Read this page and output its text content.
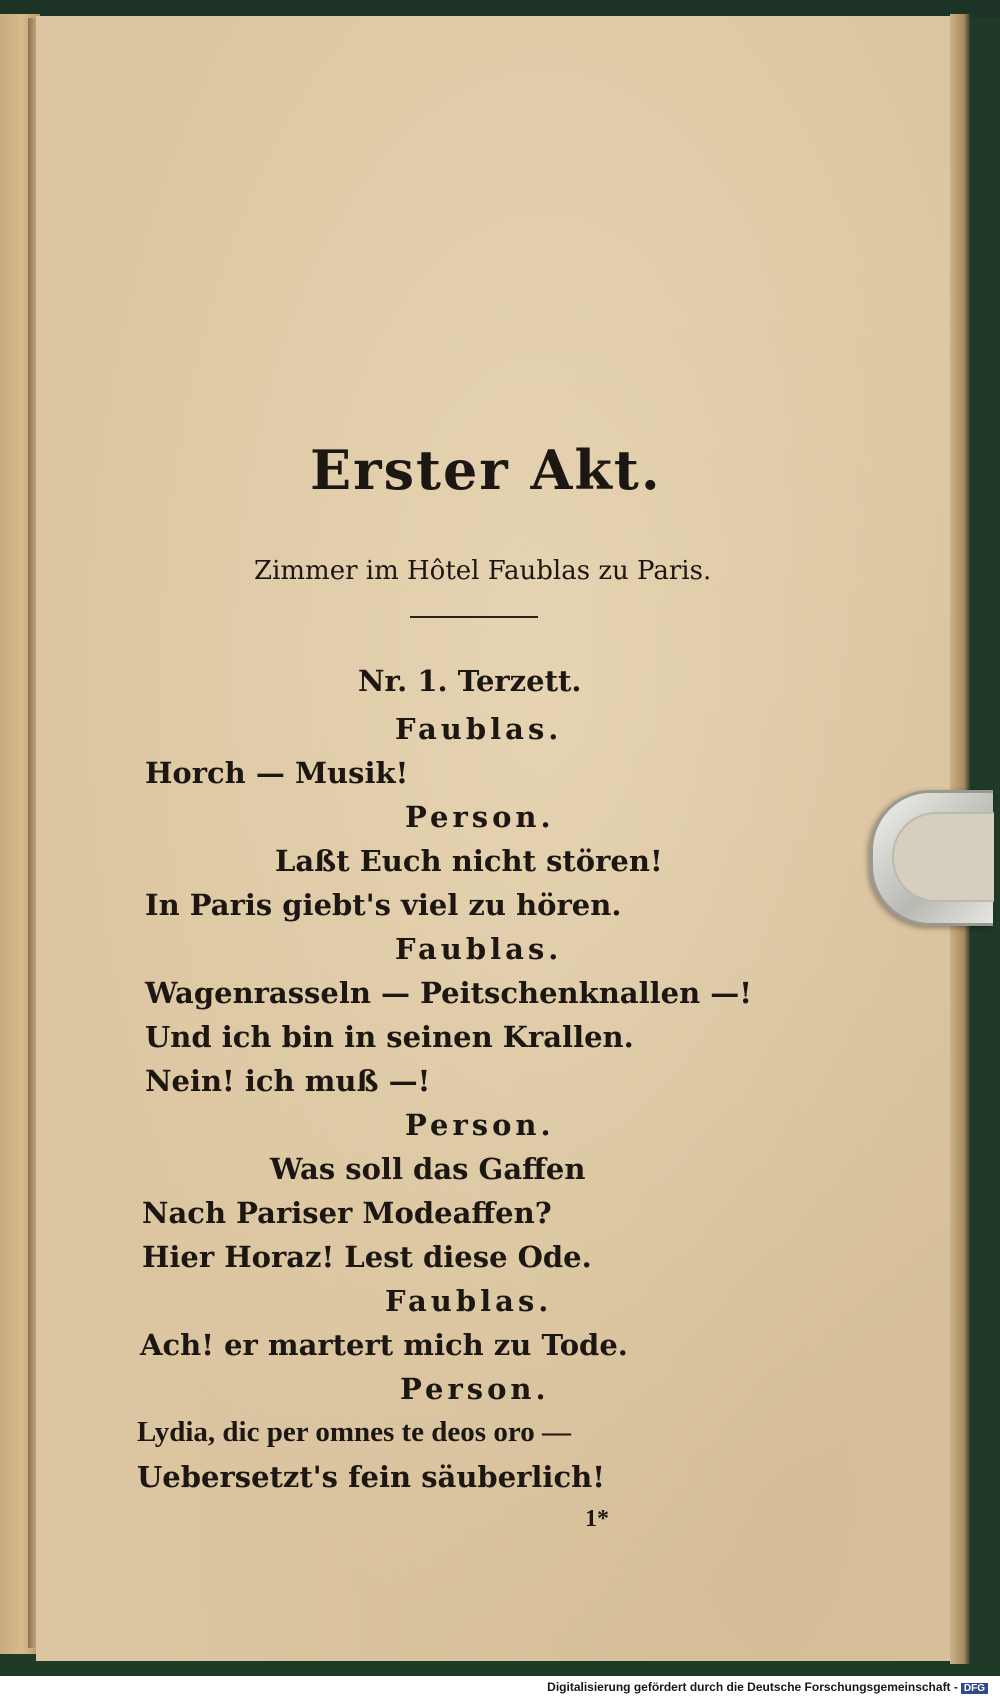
Erster Akt.
Zimmer im Hôtel Faublas zu Paris.
Nr. 1. Terzett.
Faublas.
Horch — Musik!
Person.
Laßt Euch nicht stören!
In Paris giebt's viel zu hören.
Faublas.
Wagenrasseln — Peitschenknallen —!
Und ich bin in seinen Krallen.
Nein! ich muß —!
Person.
Was soll das Gaffen
Nach Pariser Modeaffen?
Hier Horaz! Lest diese Ode.
Faublas.
Ach! er martert mich zu Tode.
Person.
Lydia, dic per omnes te deos oro —
Uebersetzt's fein säuberlich!
1*
Digitalisierung gefördert durch die Deutsche Forschungsgemeinschaft - DFG
